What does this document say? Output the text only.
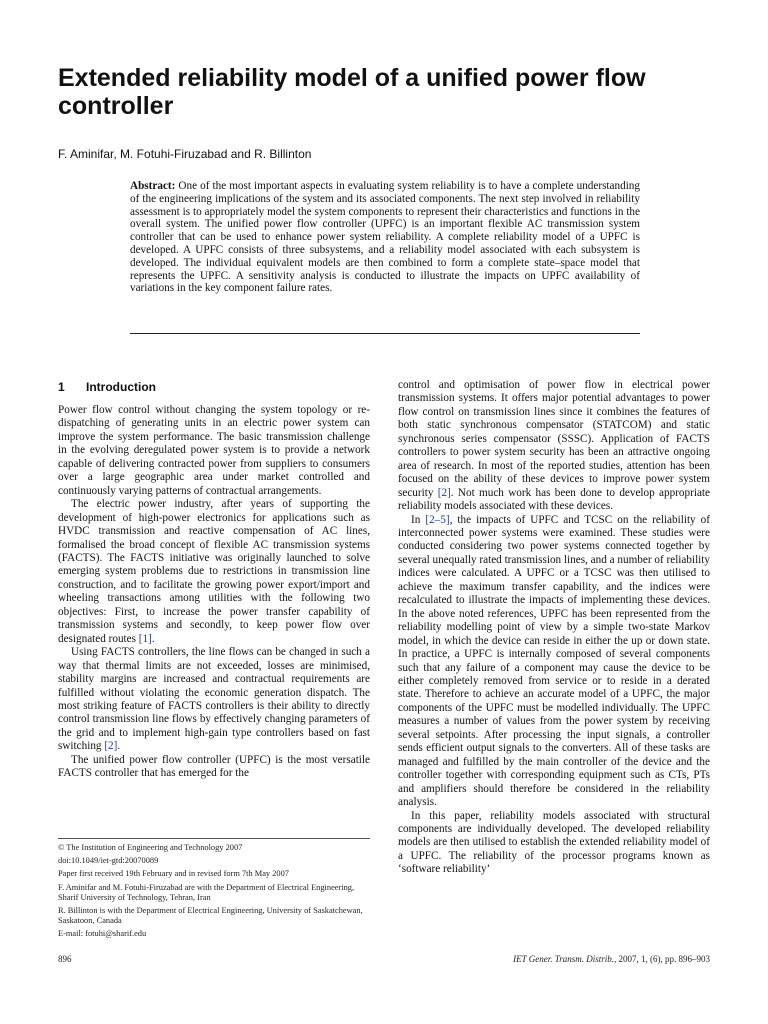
Extended reliability model of a unified power flow controller
F. Aminifar, M. Fotuhi-Firuzabad and R. Billinton
Abstract: One of the most important aspects in evaluating system reliability is to have a complete understanding of the engineering implications of the system and its associated components. The next step involved in reliability assessment is to appropriately model the system components to represent their characteristics and functions in the overall system. The unified power flow controller (UPFC) is an important flexible AC transmission system controller that can be used to enhance power system reliability. A complete reliability model of a UPFC is developed. A UPFC consists of three subsystems, and a reliability model associated with each subsystem is developed. The individual equivalent models are then combined to form a complete state–space model that represents the UPFC. A sensitivity analysis is conducted to illustrate the impacts on UPFC availability of variations in the key component failure rates.
1 Introduction

Power flow control without changing the system topology or re-dispatching of generating units in an electric power system can improve the system performance. The basic transmission challenge in the evolving deregulated power system is to provide a network capable of delivering contracted power from suppliers to consumers over a large geographic area under market controlled and continuously varying patterns of contractual arrangements.

The electric power industry, after years of supporting the development of high-power electronics for applications such as HVDC transmission and reactive compensation of AC lines, formalised the broad concept of flexible AC transmission systems (FACTS). The FACTS initiative was originally launched to solve emerging system problems due to restrictions in transmission line construction, and to facilitate the growing power export/import and wheeling transactions among utilities with the following two objectives: First, to increase the power transfer capability of transmission systems and secondly, to keep power flow over designated routes [1].

Using FACTS controllers, the line flows can be changed in such a way that thermal limits are not exceeded, losses are minimised, stability margins are increased and contractual requirements are fulfilled without violating the economic generation dispatch. The most striking feature of FACTS controllers is their ability to directly control transmission line flows by effectively changing parameters of the grid and to implement high-gain type controllers based on fast switching [2].

The unified power flow controller (UPFC) is the most versatile FACTS controller that has emerged for the

control and optimisation of power flow in electrical power transmission systems. It offers major potential advantages to power flow control on transmission lines since it combines the features of both static synchronous compensator (STATCOM) and static synchronous series compensator (SSSC). Application of FACTS controllers to power system security has been an attractive ongoing area of research. In most of the reported studies, attention has been focused on the ability of these devices to improve power system security [2]. Not much work has been done to develop appropriate reliability models associated with these devices.

In [2–5], the impacts of UPFC and TCSC on the reliability of interconnected power systems were examined. These studies were conducted considering two power systems connected together by several unequally rated transmission lines, and a number of reliability indices were calculated. A UPFC or a TCSC was then utilised to achieve the maximum transfer capability, and the indices were recalculated to illustrate the impacts of implementing these devices. In the above noted references, UPFC has been represented from the reliability modelling point of view by a simple two-state Markov model, in which the device can reside in either the up or down state. In practice, a UPFC is internally composed of several components such that any failure of a component may cause the device to be either completely removed from service or to reside in a derated state. Therefore to achieve an accurate model of a UPFC, the major components of the UPFC must be modelled individually. The UPFC measures a number of values from the power system by receiving several setpoints. After processing the input signals, a controller sends efficient output signals to the converters. All of these tasks are managed and fulfilled by the main controller of the device and the controller together with corresponding equipment such as CTs, PTs and amplifiers should therefore be considered in the reliability analysis.

In this paper, reliability models associated with structural components are individually developed. The developed reliability models are then utilised to establish the extended reliability model of a UPFC. The reliability of the processor programs known as ‘software reliability’

© The Institution of Engineering and Technology 2007

doi:10.1049/iet-gtd:20070089

Paper first received 19th February and in revised form 7th May 2007

F. Aminifar and M. Fotuhi-Firuzabad are with the Department of Electrical Engineering, Sharif University of Technology, Tehran, Iran

R. Billinton is with the Department of Electrical Engineering, University of Saskatchewan, Saskatoon, Canada

E-mail: fotuhi@sharif.edu

896	IET Gener. Transm. Distrib., 2007, 1, (6), pp. 896–903
